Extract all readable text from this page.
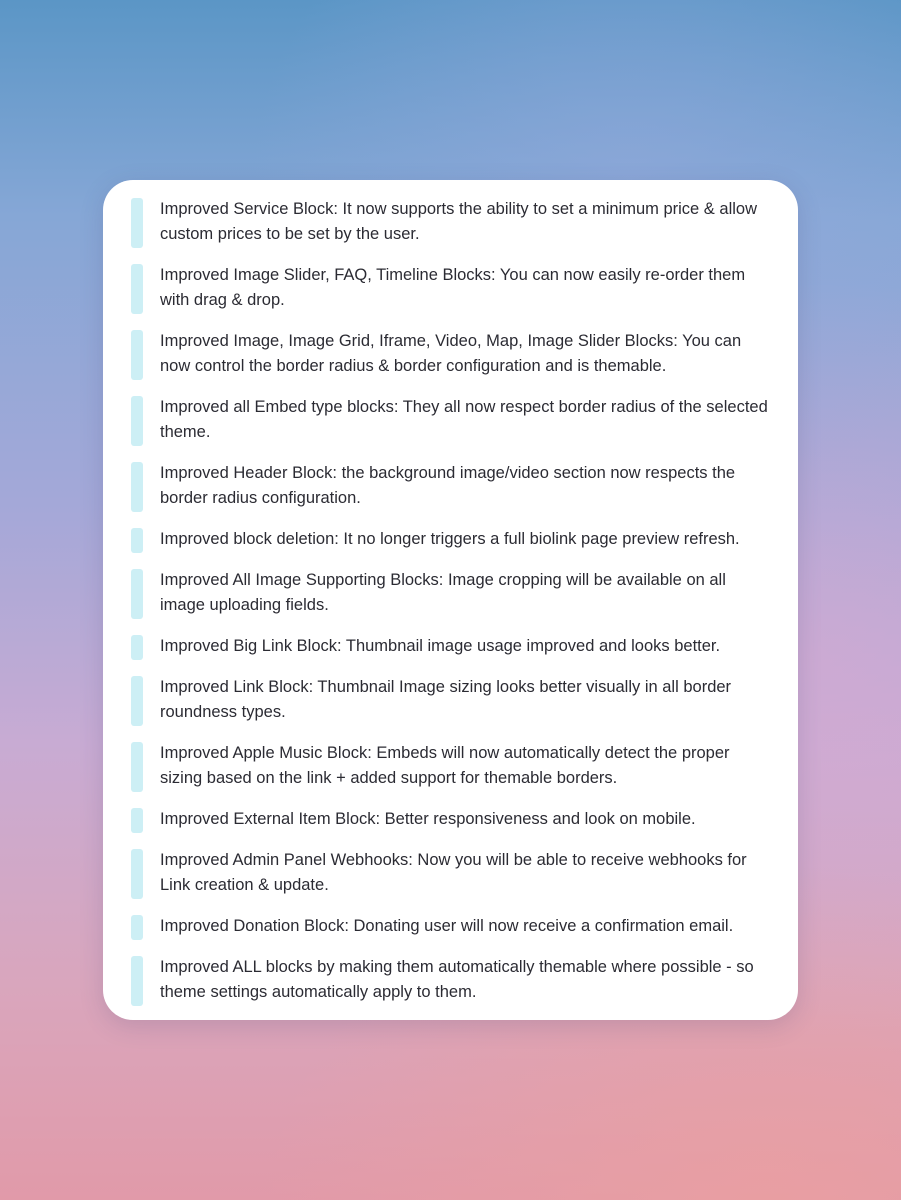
Improved Service Block: It now supports the ability to set a minimum price & allow custom prices to be set by the user.
Improved Image Slider, FAQ, Timeline Blocks: You can now easily re-order them with drag & drop.
Improved Image, Image Grid, Iframe, Video, Map, Image Slider Blocks: You can now control the border radius & border configuration and is themable.
Improved all Embed type blocks: They all now respect border radius of the selected theme.
Improved Header Block: the background image/video section now respects the border radius configuration.
Improved block deletion: It no longer triggers a full biolink page preview refresh.
Improved All Image Supporting Blocks: Image cropping will be available on all image uploading fields.
Improved Big Link Block: Thumbnail image usage improved and looks better.
Improved Link Block: Thumbnail Image sizing looks better visually in all border roundness types.
Improved Apple Music Block: Embeds will now automatically detect the proper sizing based on the link + added support for themable borders.
Improved External Item Block: Better responsiveness and look on mobile.
Improved Admin Panel Webhooks: Now you will be able to receive webhooks for Link creation & update.
Improved Donation Block: Donating user will now receive a confirmation email.
Improved ALL blocks by making them automatically themable where possible - so theme settings automatically apply to them.
